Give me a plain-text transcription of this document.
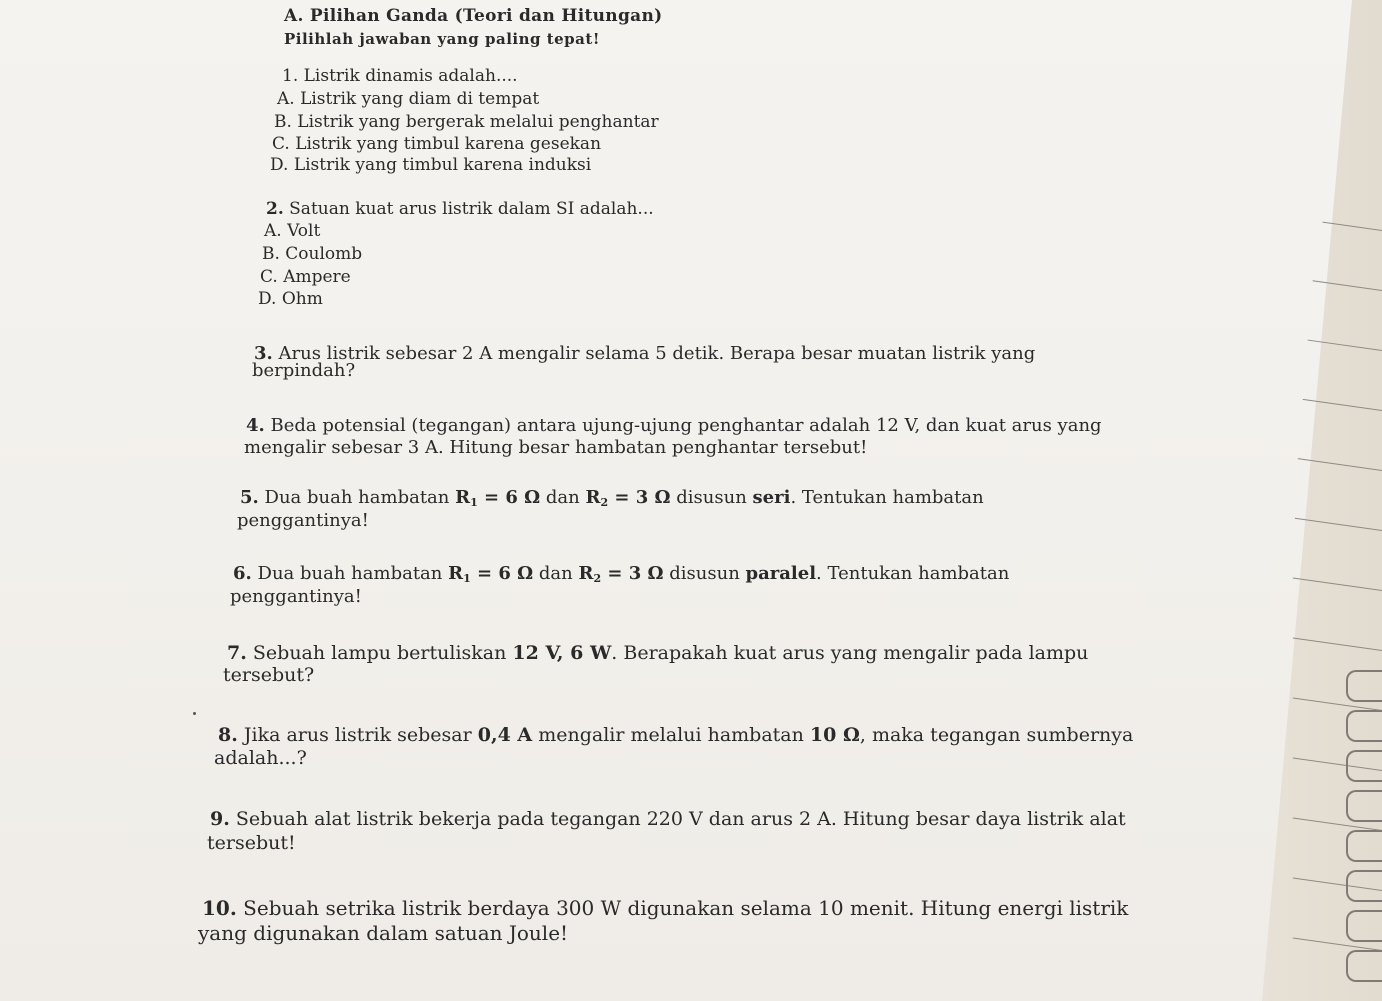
A. Pilihan Ganda (Teori dan Hitungan)
Pilihlah jawaban yang paling tepat!
1. Listrik dinamis adalah....
A. Listrik yang diam di tempat
B. Listrik yang bergerak melalui penghantar
C. Listrik yang timbul karena gesekan
D. Listrik yang timbul karena induksi
2. Satuan kuat arus listrik dalam SI adalah...
A. Volt
B. Coulomb
C. Ampere
D. Ohm
3. Arus listrik sebesar 2 A mengalir selama 5 detik. Berapa besar muatan listrik yang
berpindah?
4. Beda potensial (tegangan) antara ujung-ujung penghantar adalah 12 V, dan kuat arus yang
mengalir sebesar 3 A. Hitung besar hambatan penghantar tersebut!
5. Dua buah hambatan $R_1 = 6$ Ω dan $R_2 = 3$ Ω disusun seri. Tentukan hambatan
penggantinya!
6. Dua buah hambatan $R_1 = 6$ Ω dan $R_2 = 3$ Ω disusun paralel. Tentukan hambatan
penggantinya!
7. Sebuah lampu bertuliskan 12 V, 6 W. Berapakah kuat arus yang mengalir pada lampu
tersebut?
8. Jika arus listrik sebesar 0,4 A mengalir melalui hambatan 10 Ω, maka tegangan sumbernya
adalah...?
9. Sebuah alat listrik bekerja pada tegangan 220 V dan arus 2 A. Hitung besar daya listrik alat
tersebut!
10. Sebuah setrika listrik berdaya 300 W digunakan selama 10 menit. Hitung energi listrik
yang digunakan dalam satuan Joule!
